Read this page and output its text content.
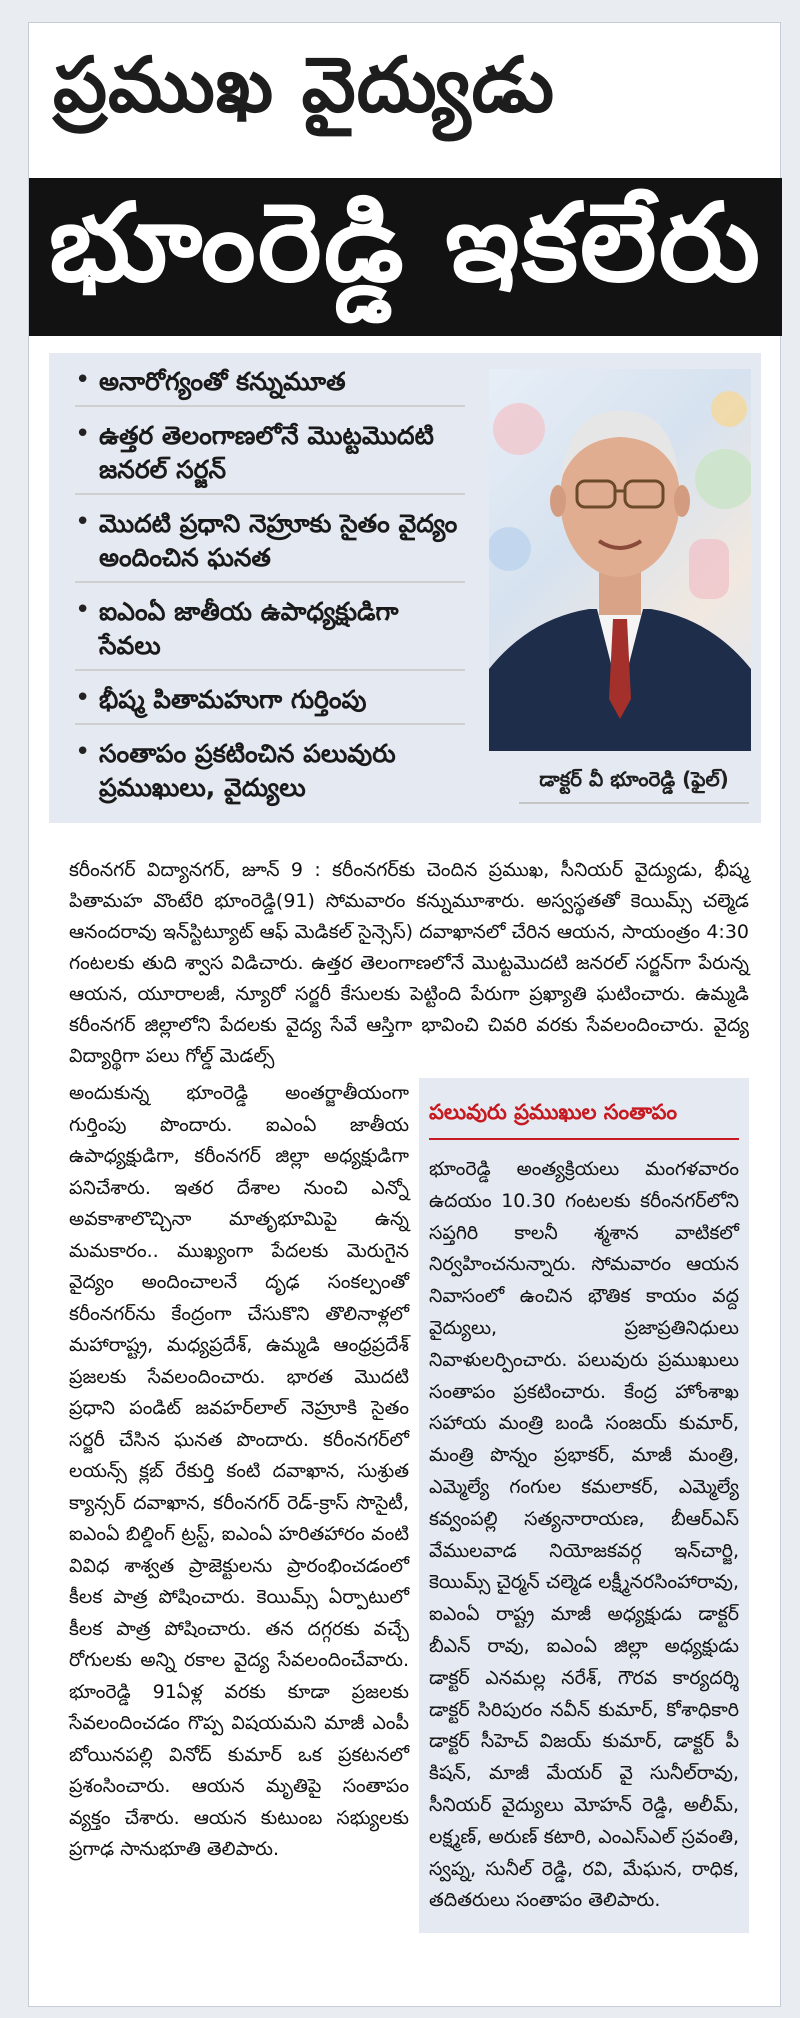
ప్రముఖ వైద్యుడు
భూంరెడ్డి ఇకలేరు
• అనారోగ్యంతో కన్నుమూత
• ఉత్తర తెలంగాణలోనే మొట్టమొదటి జనరల్ సర్జన్
• మొదటి ప్రధాని నెహ్రూకు సైతం వైద్యం అందించిన ఘనత
• ఐఎంఏ జాతీయ ఉపాధ్యక్షుడిగా సేవలు
• భీష్మ పితామహుగా గుర్తింపు
• సంతాపం ప్రకటించిన పలువురు ప్రముఖులు, వైద్యులు	డాక్టర్ వీ భూంరెడ్డి (ఫైల్)

కరీంనగర్ విద్యానగర్, జూన్ 9 : కరీంనగర్‌కు చెందిన ప్రముఖ, సీనియర్ వైద్యుడు, భీష్మ పితామహ వొంటేరి భూంరెడ్డి(91) సోమవారం కన్నుమూశారు. అస్వస్థతతో కెయిమ్స్ చల్మెడ ఆనందరావు ఇన్‌స్టిట్యూట్ ఆఫ్ మెడికల్ సైన్సెస్) దవాఖానలో చేరిన ఆయన, సాయంత్రం 4:30 గంటలకు తుది శ్వాస విడిచారు. ఉత్తర తెలంగాణలోనే మొట్టమొదటి జనరల్ సర్జన్‌గా పేరున్న ఆయన, యూరాలజీ, న్యూరో సర్జరీ కేసులకు పెట్టింది పేరుగా ప్రఖ్యాతి ఘటించారు. ఉమ్మడి కరీంనగర్ జిల్లాలోని పేదలకు వైద్య సేవే ఆస్తిగా భావించి చివరి వరకు సేవలందించారు. వైద్య విద్యార్థిగా పలు గోల్డ్ మెడల్స్

అందుకున్న భూంరెడ్డి అంతర్జాతీయంగా గుర్తింపు పొందారు. ఐఎంఏ జాతీయ ఉపాధ్యక్షుడిగా, కరీంనగర్ జిల్లా అధ్యక్షుడిగా పనిచేశారు. ఇతర దేశాల నుంచి ఎన్నో అవకాశాలొచ్చినా మాతృభూమిపై ఉన్న మమకారం.. ముఖ్యంగా పేదలకు మెరుగైన వైద్యం అందించాలనే దృఢ సంకల్పంతో కరీంనగర్‌ను కేంద్రంగా చేసుకొని తొలినాళ్లలో మహారాష్ట్ర, మధ్యప్రదేశ్, ఉమ్మడి ఆంధ్రప్రదేశ్ ప్రజలకు సేవలందించారు. భారత మొదటి ప్రధాని పండిట్ జవహర్‌లాల్ నెహ్రూకి సైతం సర్జరీ చేసిన ఘనత పొందారు. కరీంనగర్‌లో లయన్స్ క్లబ్ రేకుర్తి కంటి దవాఖాన, సుశ్రుత క్యాన్సర్ దవాఖాన, కరీంనగర్ రెడ్-క్రాస్ సొసైటీ, ఐఎంఏ బిల్డింగ్ ట్రస్ట్, ఐఎంఏ హరితహారం వంటి వివిధ శాశ్వత ప్రాజెక్టులను ప్రారంభించడంలో కీలక పాత్ర పోషించారు. కెయిమ్స్ ఏర్పాటులో కీలక పాత్ర పోషించారు. తన దగ్గరకు వచ్చే రోగులకు అన్ని రకాల వైద్య సేవలందించేవారు. భూంరెడ్డి 91ఏళ్ల వరకు కూడా ప్రజలకు సేవలందించడం గొప్ప విషయమని మాజీ ఎంపీ బోయినపల్లి వినోద్ కుమార్ ఒక ప్రకటనలో ప్రశంసించారు. ఆయన మృతిపై సంతాపం వ్యక్తం చేశారు. ఆయన కుటుంబ సభ్యులకు ప్రగాఢ సానుభూతి తెలిపారు.

పలువురు ప్రముఖుల సంతాపం
భూంరెడ్డి అంత్యక్రియలు మంగళవారం ఉదయం 10.30 గంటలకు కరీంనగర్‌లోని సప్తగిరి కాలనీ శ్మశాన వాటికలో నిర్వహించనున్నారు. సోమవారం ఆయన నివాసంలో ఉంచిన భౌతిక కాయం వద్ద వైద్యులు, ప్రజాప్రతినిధులు నివాళులర్పించారు. పలువురు ప్రముఖులు సంతాపం ప్రకటించారు. కేంద్ర హోంశాఖ సహాయ మంత్రి బండి సంజయ్ కుమార్, మంత్రి పొన్నం ప్రభాకర్, మాజీ మంత్రి, ఎమ్మెల్యే గంగుల కమలాకర్, ఎమ్మెల్యే కవ్వంపల్లి సత్యనారాయణ, బీఆర్‌ఎస్ వేములవాడ నియోజకవర్గ ఇన్‌చార్జి, కెయిమ్స్ చైర్మన్ చల్మెడ లక్ష్మీనరసింహారావు, ఐఎంఏ రాష్ట్ర మాజీ అధ్యక్షుడు డాక్టర్ బీఎన్ రావు, ఐఎంఏ జిల్లా అధ్యక్షుడు డాక్టర్ ఎనమల్ల నరేశ్, గౌరవ కార్యదర్శి డాక్టర్ సిరిపురం నవీన్ కుమార్, కోశాధికారి డాక్టర్ సీహెచ్ విజయ్ కుమార్, డాక్టర్ పీ కిషన్, మాజీ మేయర్ వై సునీల్‌రావు, సీనియర్ వైద్యులు మోహన్ రెడ్డి, అలీమ్, లక్ష్మణ్, అరుణ్ కటారి, ఎంఎస్‌ఎల్ స్రవంతి, స్వప్న, సునీల్ రెడ్డి, రవి, మేఘన, రాధిక, తదితరులు సంతాపం తెలిపారు.
